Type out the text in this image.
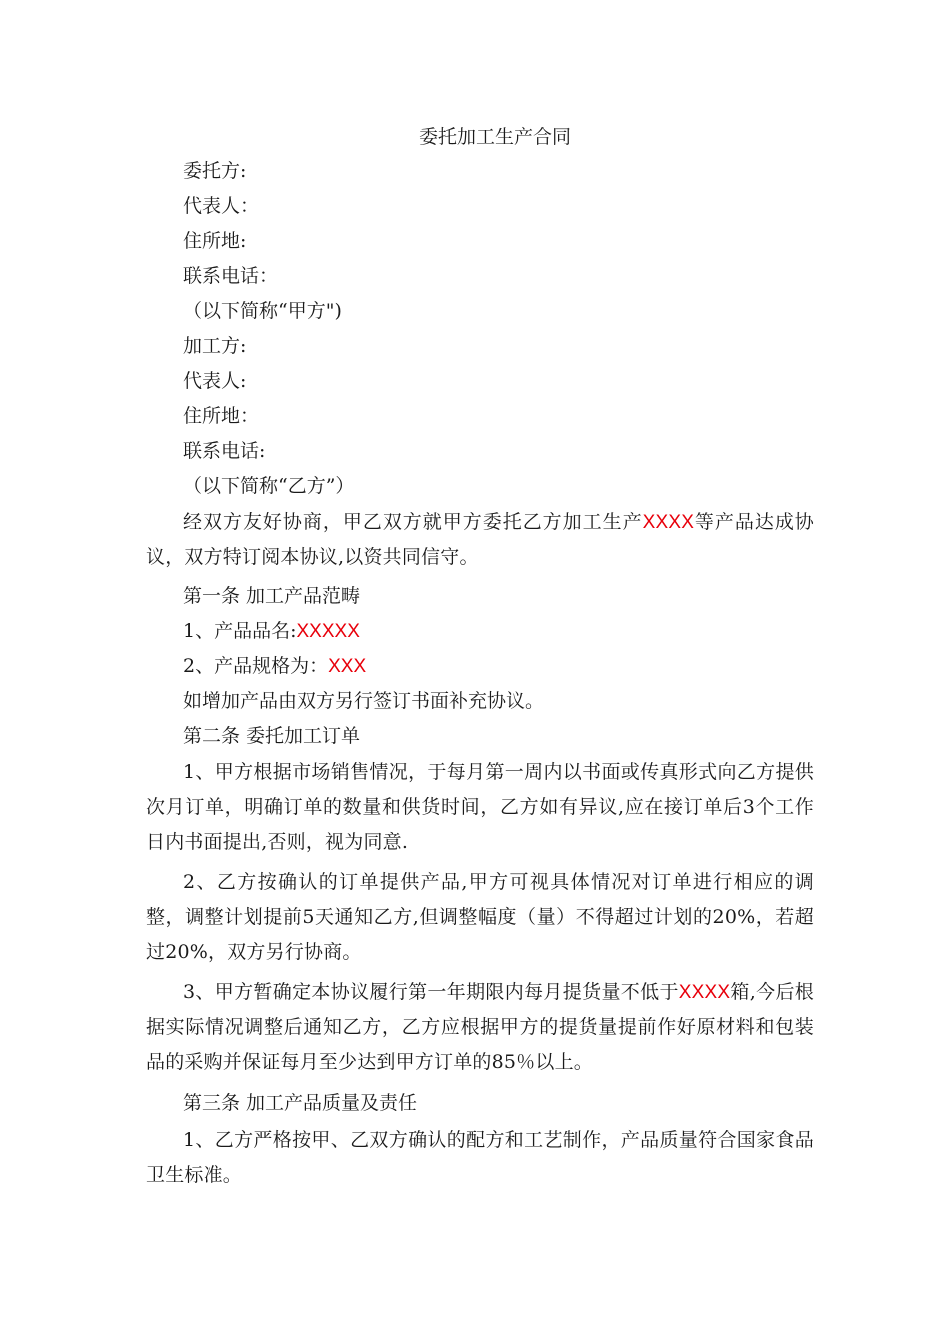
委托加工生产合同
委托方:
代表人：
住所地:
联系电话：
（以下简称“甲方")
加工方:
代表人:
住所地：
联系电话:
（以下简称“乙方”）
经双方友好协商，甲乙双方就甲方委托乙方加工生产XXXX等产品达成协议，双方特订阅本协议,以资共同信守。
第一条 加工产品范畴
1、产品品名:XXXXX
2、产品规格为：XXX
如增加产品由双方另行签订书面补充协议。
第二条 委托加工订单
1、甲方根据市场销售情况，于每月第一周内以书面或传真形式向乙方提供次月订单，明确订单的数量和供货时间，乙方如有异议,应在接订单后3个工作日内书面提出,否则，视为同意.
2、乙方按确认的订单提供产品,甲方可视具体情况对订单进行相应的调整，调整计划提前5天通知乙方,但调整幅度（量）不得超过计划的20%，若超过20%，双方另行协商。
3、甲方暂确定本协议履行第一年期限内每月提货量不低于XXXX箱,今后根据实际情况调整后通知乙方，乙方应根据甲方的提货量提前作好原材料和包装品的采购并保证每月至少达到甲方订单的85％以上。
第三条 加工产品质量及责任
1、乙方严格按甲、乙双方确认的配方和工艺制作，产品质量符合国家食品卫生标准。
